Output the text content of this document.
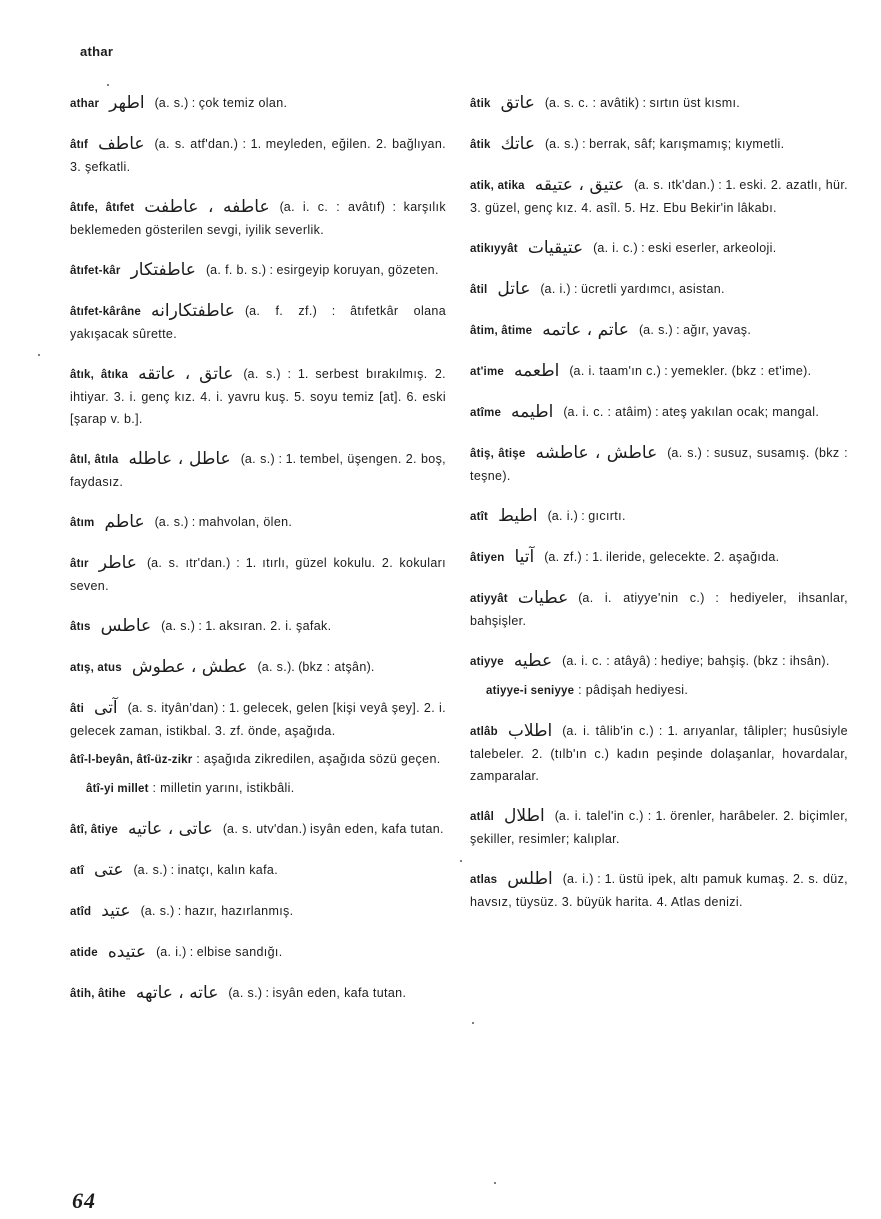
athar

athar اطهر (a. s.) : çok temiz olan.

âtıf عاطف (a. s. atf'dan.) : 1. meyleden, eğilen. 2. bağlıyan. 3. şefkatli.

âtıfe, âtıfet عاطفه ، عاطفت (a. i. c. : avâtıf) : karşılık beklemeden gösterilen sevgi, iyilik severlik.

âtıfet-kâr عاطفتكار (a. f. b. s.) : esirgeyip koruyan, gözeten.

âtıfet-kârâne عاطفتكارانه (a. f. zf.) : âtıfetkâr olana yakışacak sûrette.

âtık, âtıka عاتق ، عاتقه (a. s.) : 1. serbest bırakılmış. 2. ihtiyar. 3. i. genç kız. 4. i. yavru kuş. 5. soyu temiz [at]. 6. eski [şarap v. b.].

âtıl, âtıla عاطل ، عاطله (a. s.) : 1. tembel, üşengen. 2. boş, faydasız.

âtım عاطم (a. s.) : mahvolan, ölen.

âtır عاطر (a. s. ıtr'dan.) : 1. ıtırlı, güzel kokulu. 2. kokuları seven.

âtıs عاطس (a. s.) : 1. aksıran. 2. i. şafak.

atış, atus عطش ، عطوش (a. s.). (bkz : atşân).

âti آتى (a. s. ityân'dan) : 1. gelecek, gelen [kişi veyâ şey]. 2. i. gelecek zaman, istikbal. 3. zf. önde, aşağıda.

âtî-l-beyân, âtî-üz-zikr : aşağıda zikredilen, aşağıda sözü geçen.

âtî-yi millet : milletin yarını, istikbâli.

âtî, âtiye عاتى ، عاتيه (a. s. utv'dan.) isyân eden, kafa tutan.

atî عتى (a. s.) : inatçı, kalın kafa.

atîd عتيد (a. s.) : hazır, hazırlanmış.

atide عتيده (a. i.) : elbise sandığı.

âtih, âtihe عاته ، عاتهه (a. s.) : isyân eden, kafa tutan.

âtik عاتق (a. s. c. : avâtik) : sırtın üst kısmı.

âtik عاتك (a. s.) : berrak, sâf; karışmamış; kıymetli.

atik, atika عتيق ، عتيقه (a. s. ıtk'dan.) : 1. eski. 2. azatlı, hür. 3. güzel, genç kız. 4. asîl. 5. Hz. Ebu Bekir'in lâkabı.

atikıyyât عتيقيات (a. i. c.) : eski eserler, arkeoloji.

âtil عاتل (a. i.) : ücretli yardımcı, asistan.

âtim, âtime عاتم ، عاتمه (a. s.) : ağır, yavaş.

at'ime اطعمه (a. i. taam'ın c.) : yemekler. (bkz : et'ime).

atîme اطيمه (a. i. c. : atâim) : ateş yakılan ocak; mangal.

âtiş, âtişe عاطش ، عاطشه (a. s.) : susuz, susamış. (bkz : teşne).

atît اطيط (a. i.) : gıcırtı.

âtiyen آتيا (a. zf.) : 1. ileride, gelecekte. 2. aşağıda.

atiyyât عطيات (a. i. atiyye'nin c.) : hediyeler, ihsanlar, bahşişler.

atiyye عطيه (a. i. c. : atâyâ) : hediye; bahşiş. (bkz : ihsân).

atiyye-i seniyye : pâdişah hediyesi.

atlâb اطلاب (a. i. tâlib'in c.) : 1. arıyanlar, tâlipler; husûsiyle talebeler. 2. (tılb'ın c.) kadın peşinde dolaşanlar, hovardalar, zamparalar.

atlâl اطلال (a. i. talel'in c.) : 1. örenler, harâbeler. 2. biçimler, şekiller, resimler; kalıplar.

atlas اطلس (a. i.) : 1. üstü ipek, altı pamuk kumaş. 2. s. düz, havsız, tüysüz. 3. büyük harita. 4. Atlas denizi.

64
